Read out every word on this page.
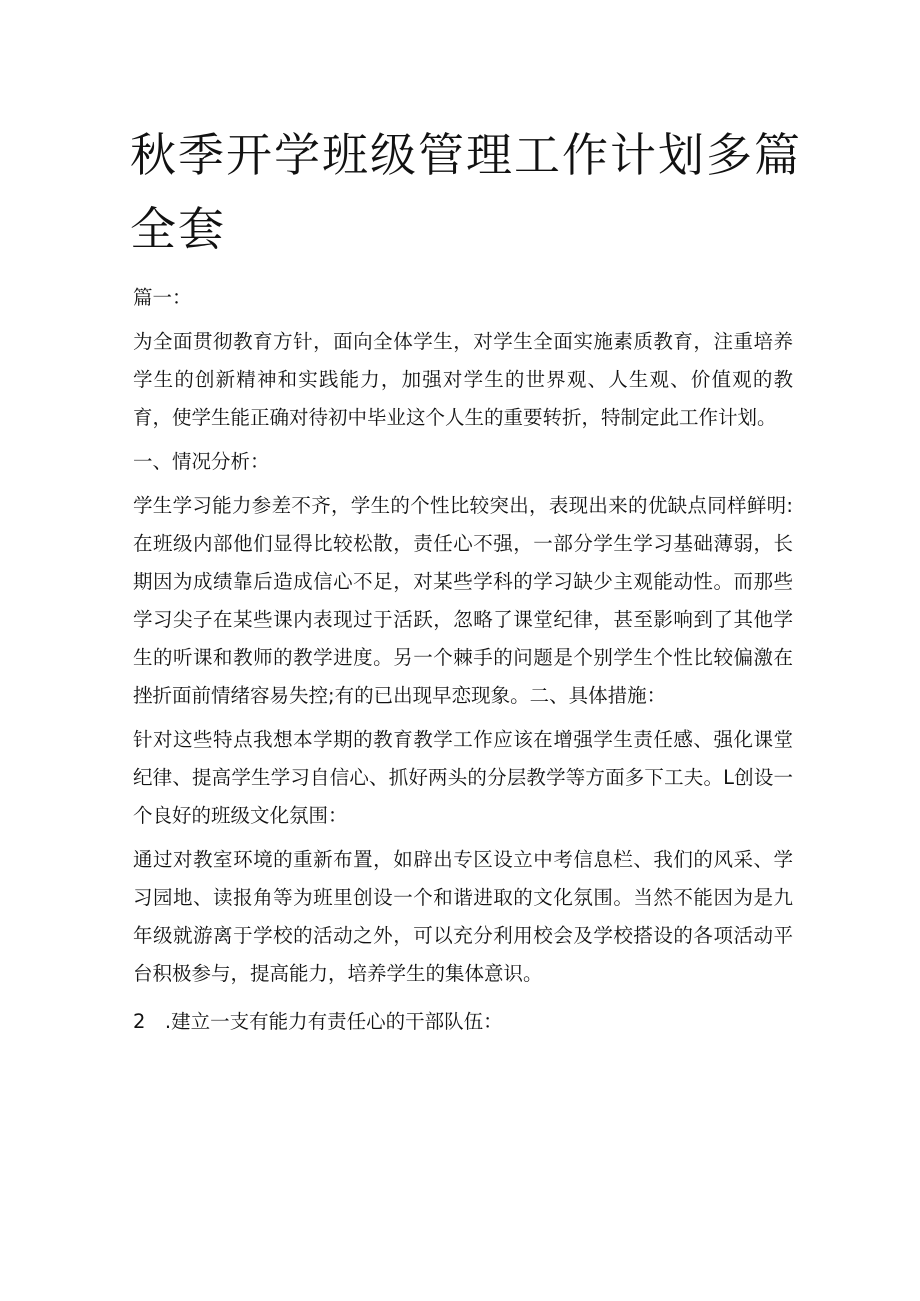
秋季开学班级管理工作计划多篇全套

篇一：

为全面贯彻教育方针，面向全体学生，对学生全面实施素质教育，注重培养学生的创新精神和实践能力，加强对学生的世界观、人生观、价值观的教育，使学生能正确对待初中毕业这个人生的重要转折，特制定此工作计划。

一、情况分析：

学生学习能力参差不齐，学生的个性比较突出，表现出来的优缺点同样鲜明:在班级内部他们显得比较松散，责任心不强，一部分学生学习基础薄弱，长期因为成绩靠后造成信心不足，对某些学科的学习缺少主观能动性。而那些学习尖子在某些课内表现过于活跃，忽略了课堂纪律，甚至影响到了其他学生的听课和教师的教学进度。另一个棘手的问题是个别学生个性比较偏激在挫折面前情绪容易失控;有的已出现早恋现象。二、具体措施：

针对这些特点我想本学期的教育教学工作应该在增强学生责任感、强化课堂纪律、提高学生学习自信心、抓好两头的分层教学等方面多下工夫。L创设一个良好的班级文化氛围：

通过对教室环境的重新布置，如辟出专区设立中考信息栏、我们的风采、学习园地、读报角等为班里创设一个和谐进取的文化氛围。当然不能因为是九年级就游离于学校的活动之外，可以充分利用校会及学校搭设的各项活动平台积极参与，提高能力，培养学生的集体意识。

2　.建立一支有能力有责任心的干部队伍：
